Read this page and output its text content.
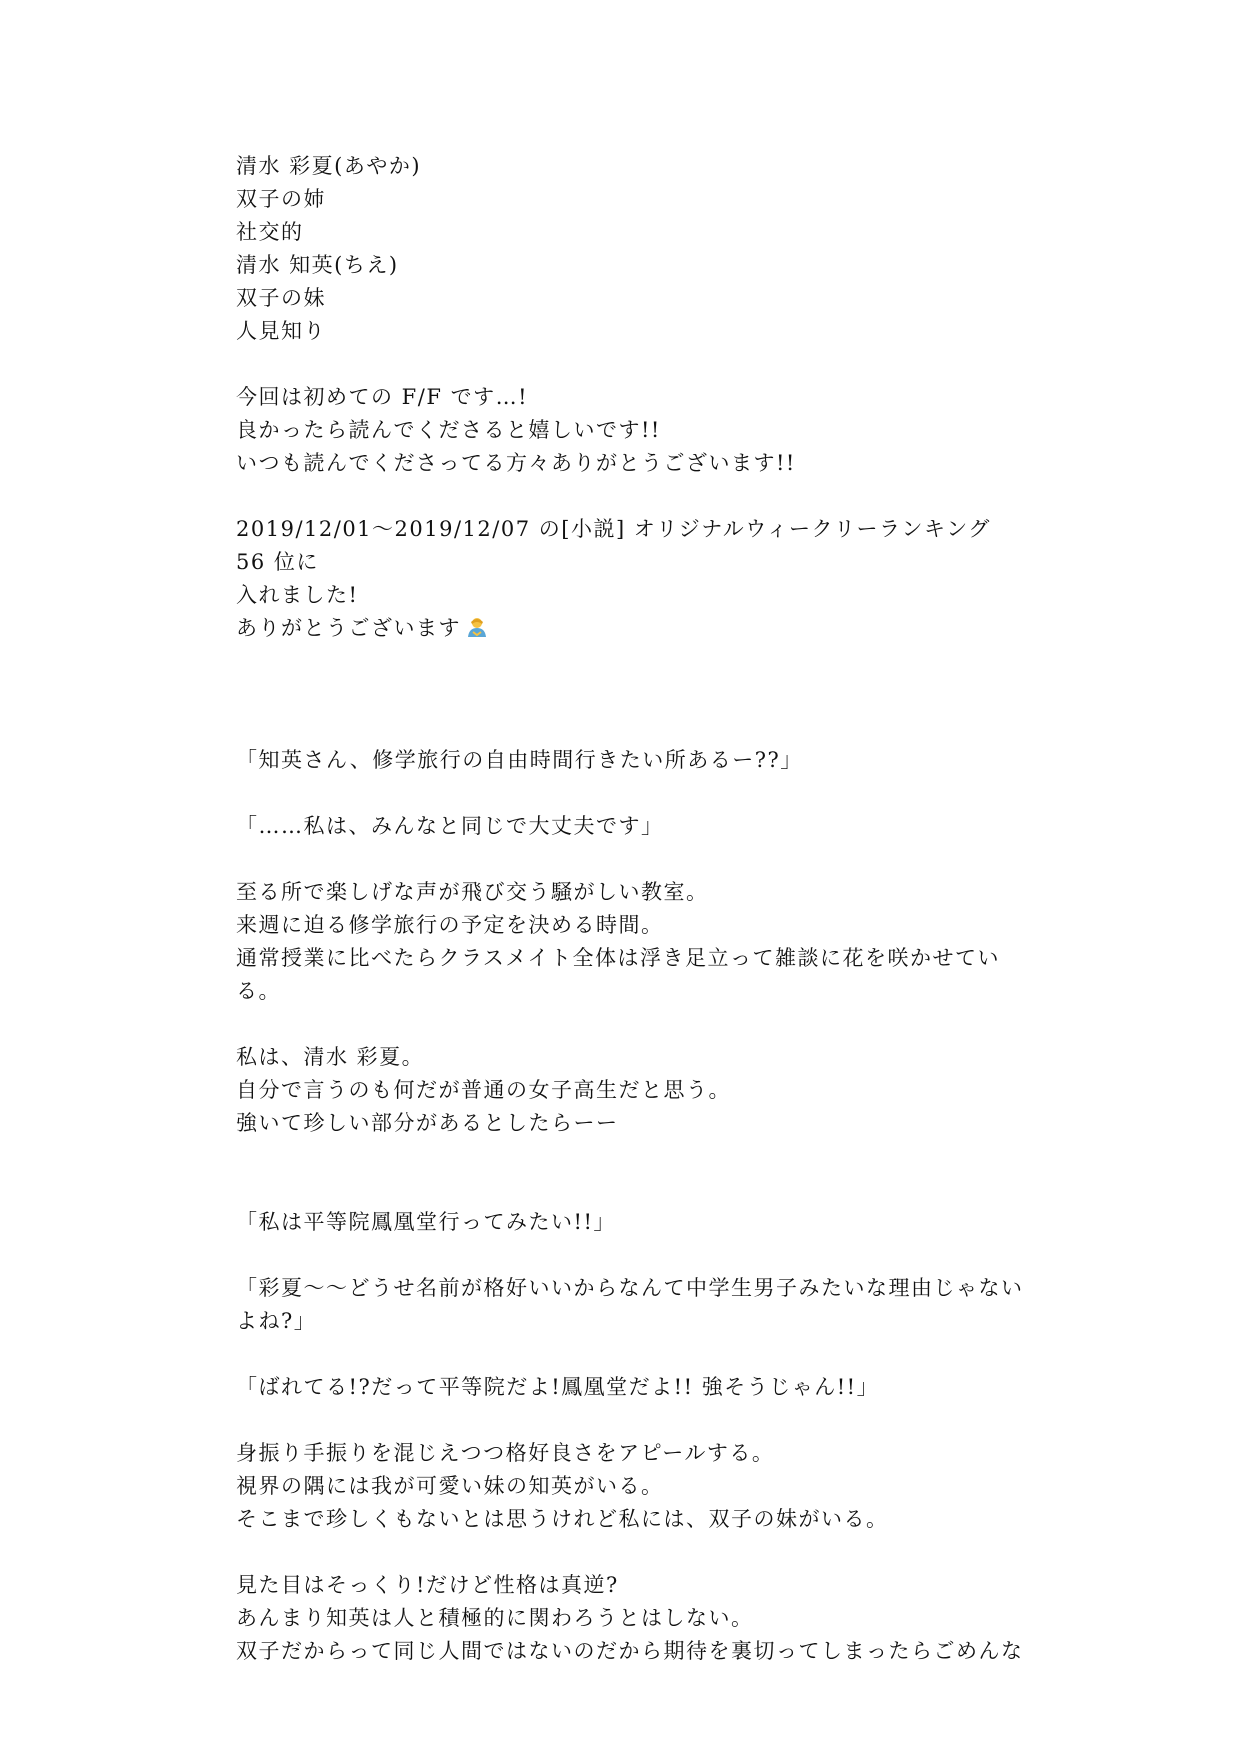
清水 彩夏(あやか)
双子の姉
社交的
清水 知英(ちえ)
双子の妹
人見知り
今回は初めての F/F です…!
良かったら読んでくださると嬉しいです!!
いつも読んでくださってる方々ありがとうございます!!
2019/12/01〜2019/12/07 の[小説] オリジナルウィークリーランキング 56 位に
入れました!
ありがとうございます
「知英さん、修学旅行の自由時間行きたい所あるー??」
「……私は、みんなと同じで大丈夫です」
至る所で楽しげな声が飛び交う騒がしい教室。
来週に迫る修学旅行の予定を決める時間。
通常授業に比べたらクラスメイト全体は浮き足立って雑談に花を咲かせている。
私は、清水 彩夏。
自分で言うのも何だが普通の女子高生だと思う。
強いて珍しい部分があるとしたらーー
「私は平等院鳳凰堂行ってみたい!!」
「彩夏〜〜どうせ名前が格好いいからなんて中学生男子みたいな理由じゃない
よね?」
「ばれてる!?だって平等院だよ!鳳凰堂だよ!! 強そうじゃん!!」
身振り手振りを混じえつつ格好良さをアピールする。
視界の隅には我が可愛い妹の知英がいる。
そこまで珍しくもないとは思うけれど私には、双子の妹がいる。
見た目はそっくり!だけど性格は真逆?
あんまり知英は人と積極的に関わろうとはしない。
双子だからって同じ人間ではないのだから期待を裏切ってしまったらごめんな
